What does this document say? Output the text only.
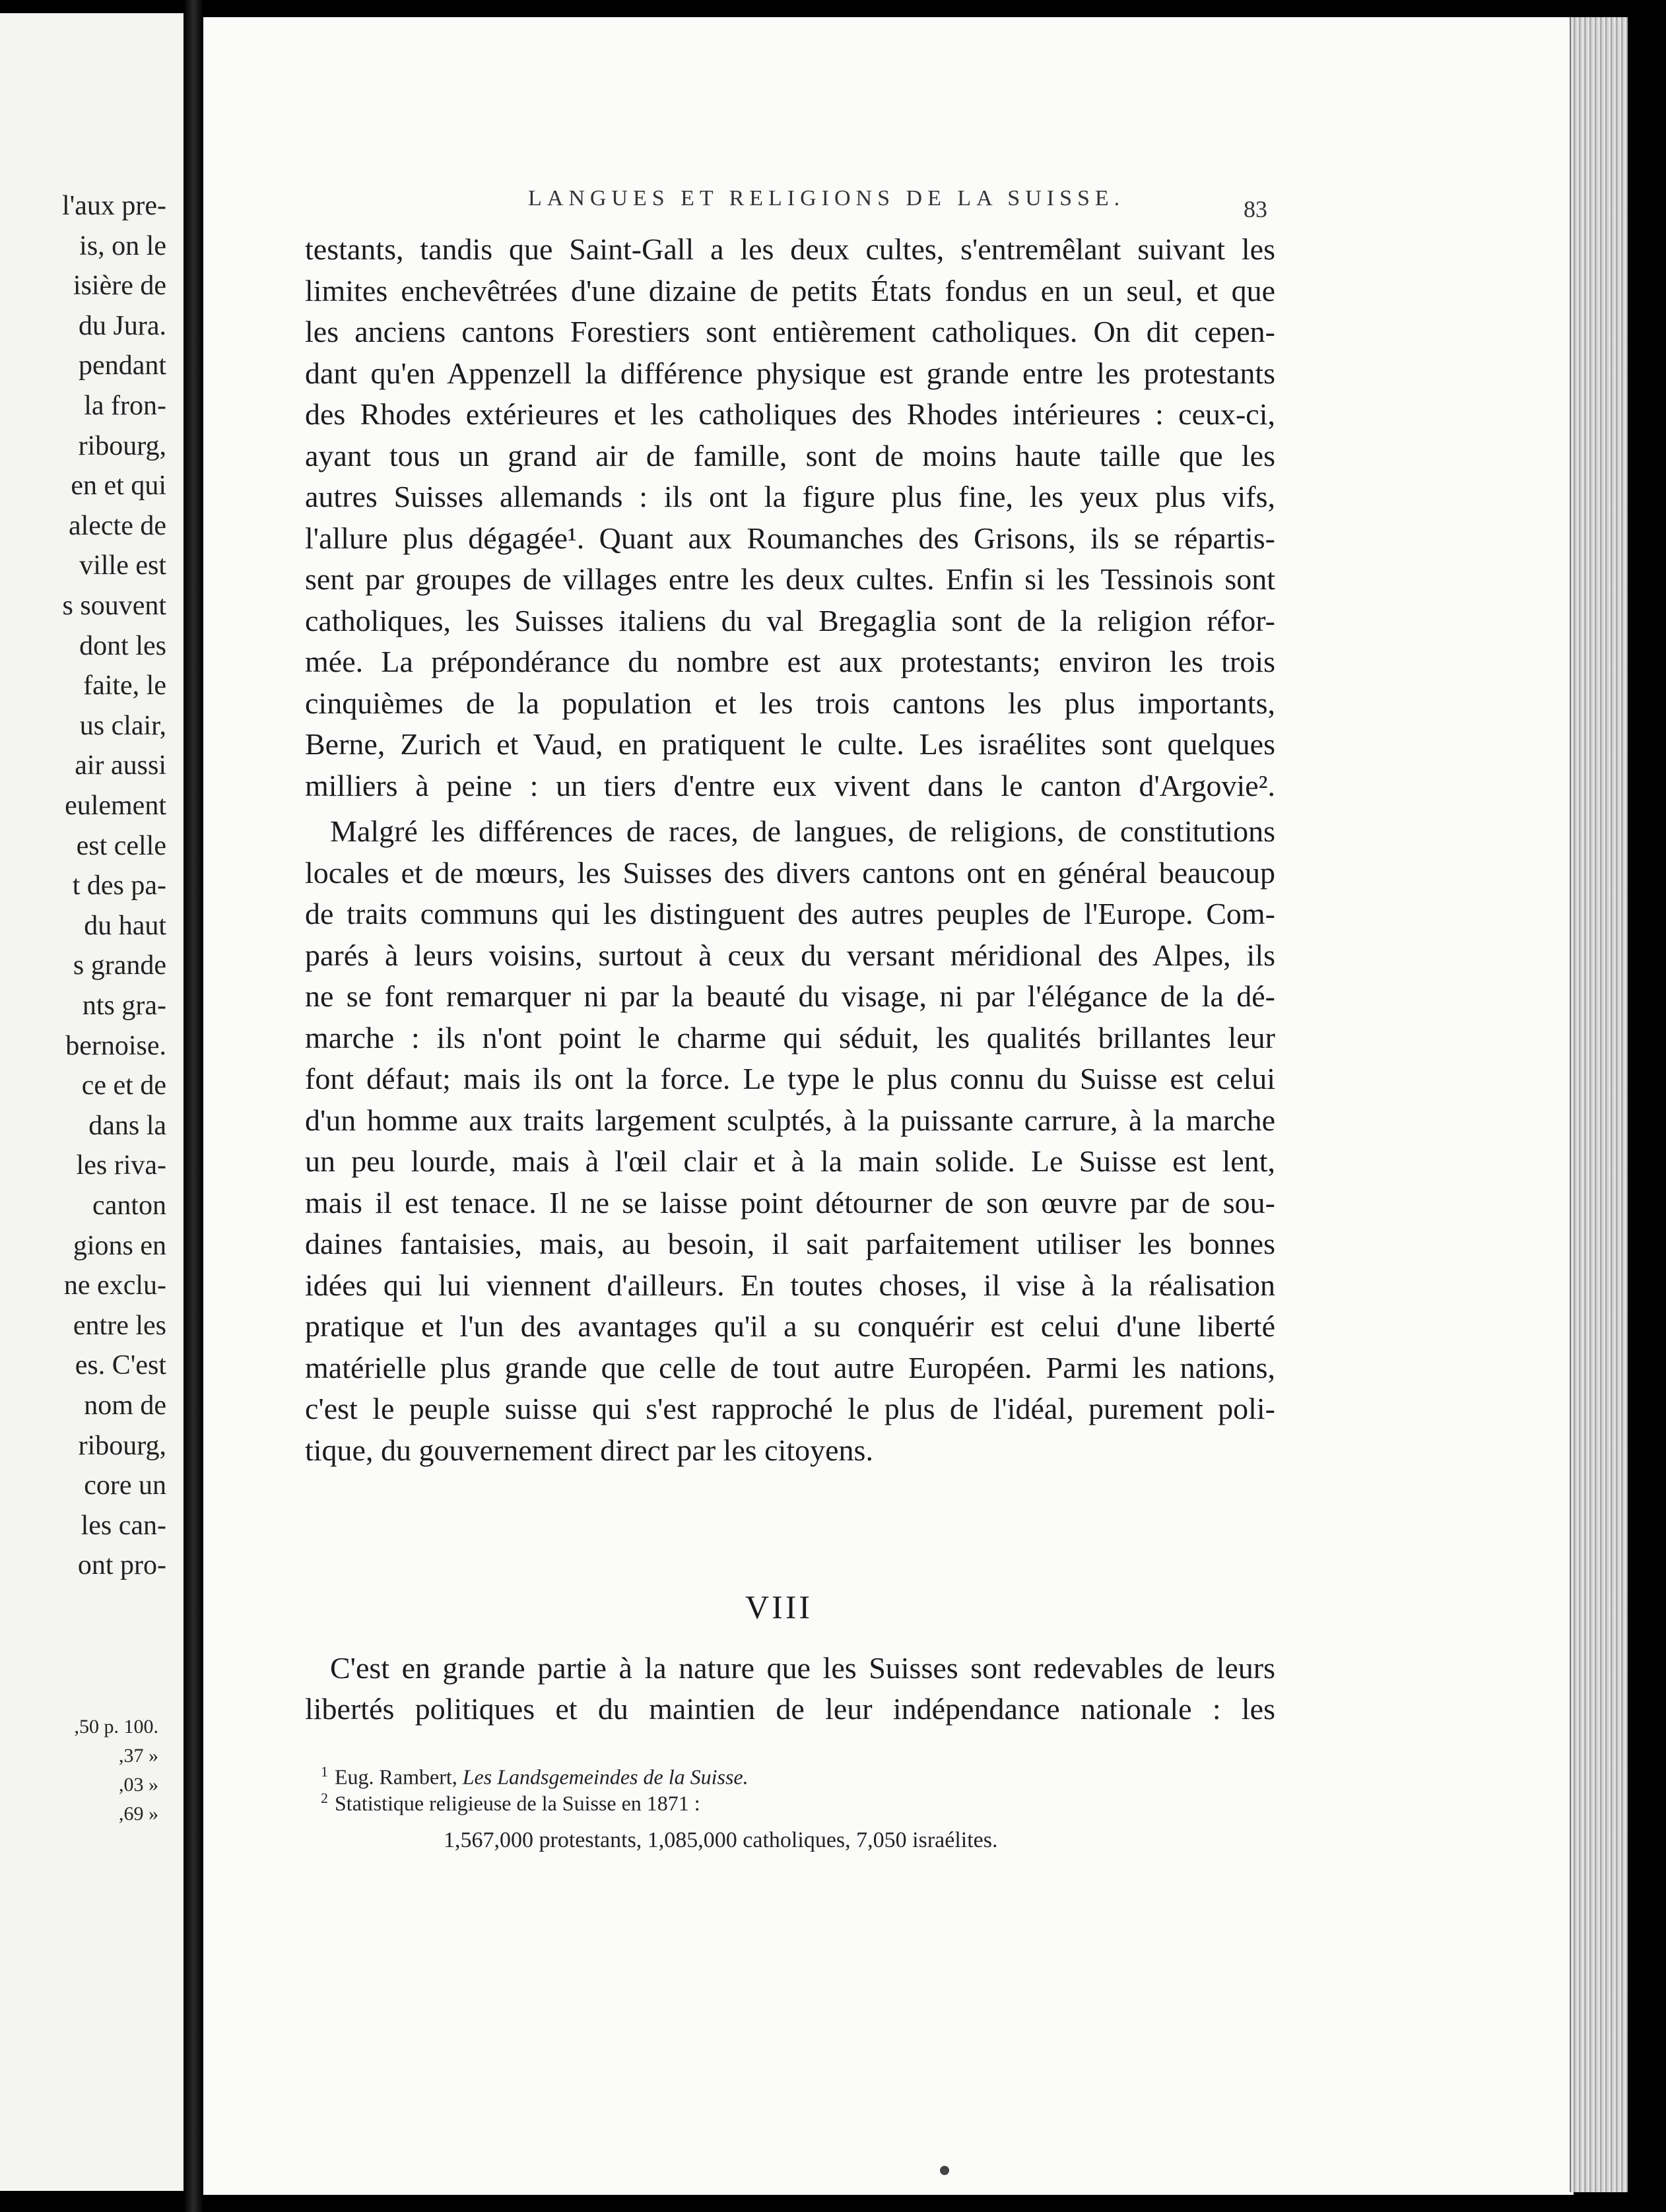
l'aux pre-
is, on le
isière de
du Jura.
pendant
la fron-
ribourg,
en et qui
alecte de
ville est
s souvent
dont les
faite, le
us clair,
air aussi
eulement
est celle
t des pa-
du haut
s grande
nts gra-
bernoise.
ce et de
dans la
les riva-
canton
gions en
ne exclu-
entre les
es. C'est
nom de
ribourg,
core un
les can-
ont pro-
,50 p. 100.
,37 »
,03 »
,69 »
LANGUES ET RELIGIONS DE LA SUISSE.	83
testants, tandis que Saint-Gall a les deux cultes, s'entremêlant suivant les
limites enchevêtrées d'une dizaine de petits États fondus en un seul, et que
les anciens cantons Forestiers sont entièrement catholiques. On dit cepen-
dant qu'en Appenzell la différence physique est grande entre les protestants
des Rhodes extérieures et les catholiques des Rhodes intérieures : ceux-ci,
ayant tous un grand air de famille, sont de moins haute taille que les
autres Suisses allemands : ils ont la figure plus fine, les yeux plus vifs,
l'allure plus dégagée¹. Quant aux Roumanches des Grisons, ils se répartis-
sent par groupes de villages entre les deux cultes. Enfin si les Tessinois sont
catholiques, les Suisses italiens du val Bregaglia sont de la religion réfor-
mée. La prépondérance du nombre est aux protestants; environ les trois
cinquièmes de la population et les trois cantons les plus importants,
Berne, Zurich et Vaud, en pratiquent le culte. Les israélites sont quelques
milliers à peine : un tiers d'entre eux vivent dans le canton d'Argovie².
Malgré les différences de races, de langues, de religions, de constitutions
locales et de mœurs, les Suisses des divers cantons ont en général beaucoup
de traits communs qui les distinguent des autres peuples de l'Europe. Com-
parés à leurs voisins, surtout à ceux du versant méridional des Alpes, ils
ne se font remarquer ni par la beauté du visage, ni par l'élégance de la dé-
marche : ils n'ont point le charme qui séduit, les qualités brillantes leur
font défaut; mais ils ont la force. Le type le plus connu du Suisse est celui
d'un homme aux traits largement sculptés, à la puissante carrure, à la marche
un peu lourde, mais à l'œil clair et à la main solide. Le Suisse est lent,
mais il est tenace. Il ne se laisse point détourner de son œuvre par de sou-
daines fantaisies, mais, au besoin, il sait parfaitement utiliser les bonnes
idées qui lui viennent d'ailleurs. En toutes choses, il vise à la réalisation
pratique et l'un des avantages qu'il a su conquérir est celui d'une liberté
matérielle plus grande que celle de tout autre Européen. Parmi les nations,
c'est le peuple suisse qui s'est rapproché le plus de l'idéal, purement poli-
tique, du gouvernement direct par les citoyens.
VIII
C'est en grande partie à la nature que les Suisses sont redevables de leurs
libertés politiques et du maintien de leur indépendance nationale : les
$^1$ Eug. Rambert, Les Landsgemeindes de la Suisse.
$^2$ Statistique religieuse de la Suisse en 1871 :
1,567,000 protestants, 1,085,000 catholiques, 7,050 israélites.
